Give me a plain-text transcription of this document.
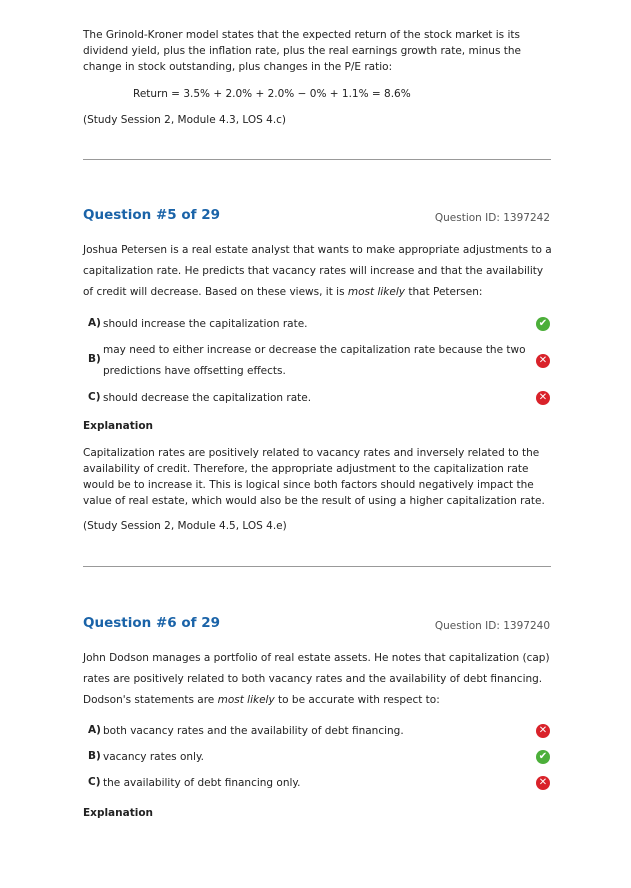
The Grinold-Kroner model states that the expected return of the stock market is its dividend yield, plus the inflation rate, plus the real earnings growth rate, minus the change in stock outstanding, plus changes in the P/E ratio:

Return = 3.5% + 2.0% + 2.0% − 0% + 1.1% = 8.6%
(Study Session 2, Module 4.3, LOS 4.c)
Question #5 of 29	Question ID: 1397242

Joshua Petersen is a real estate analyst that wants to make appropriate adjustments to a capitalization rate. He predicts that vacancy rates will increase and that the availability of credit will decrease. Based on these views, it is most likely that Petersen:

A) should increase the capitalization rate.	✔
B)
may need to either increase or decrease the capitalization rate because the two predictions have offsetting effects.
✕
C) should decrease the capitalization rate.	✕
Explanation

Capitalization rates are positively related to vacancy rates and inversely related to the availability of credit. Therefore, the appropriate adjustment to the capitalization rate would be to increase it. This is logical since both factors should negatively impact the value of real estate, which would also be the result of using a higher capitalization rate.

(Study Session 2, Module 4.5, LOS 4.e)
Question #6 of 29	Question ID: 1397240

John Dodson manages a portfolio of real estate assets. He notes that capitalization (cap) rates are positively related to both vacancy rates and the availability of debt financing. Dodson's statements are most likely to be accurate with respect to:

A) both vacancy rates and the availability of debt financing.	✕
B) vacancy rates only.	✔
C) the availability of debt financing only.	✕
Explanation
